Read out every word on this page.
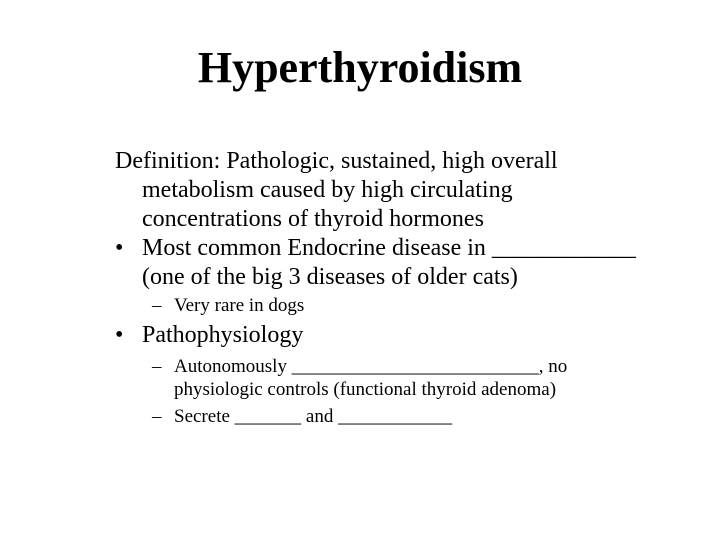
Hyperthyroidism

Definition: Pathologic, sustained, high overall
metabolism caused by high circulating
concentrations of thyroid hormones

• Most common Endocrine disease in ____________
(one of the big 3 diseases of older cats)
– Very rare in dogs
• Pathophysiology
– Autonomously __________________________, no
physiologic controls (functional thyroid adenoma)
– Secrete _______ and ____________
